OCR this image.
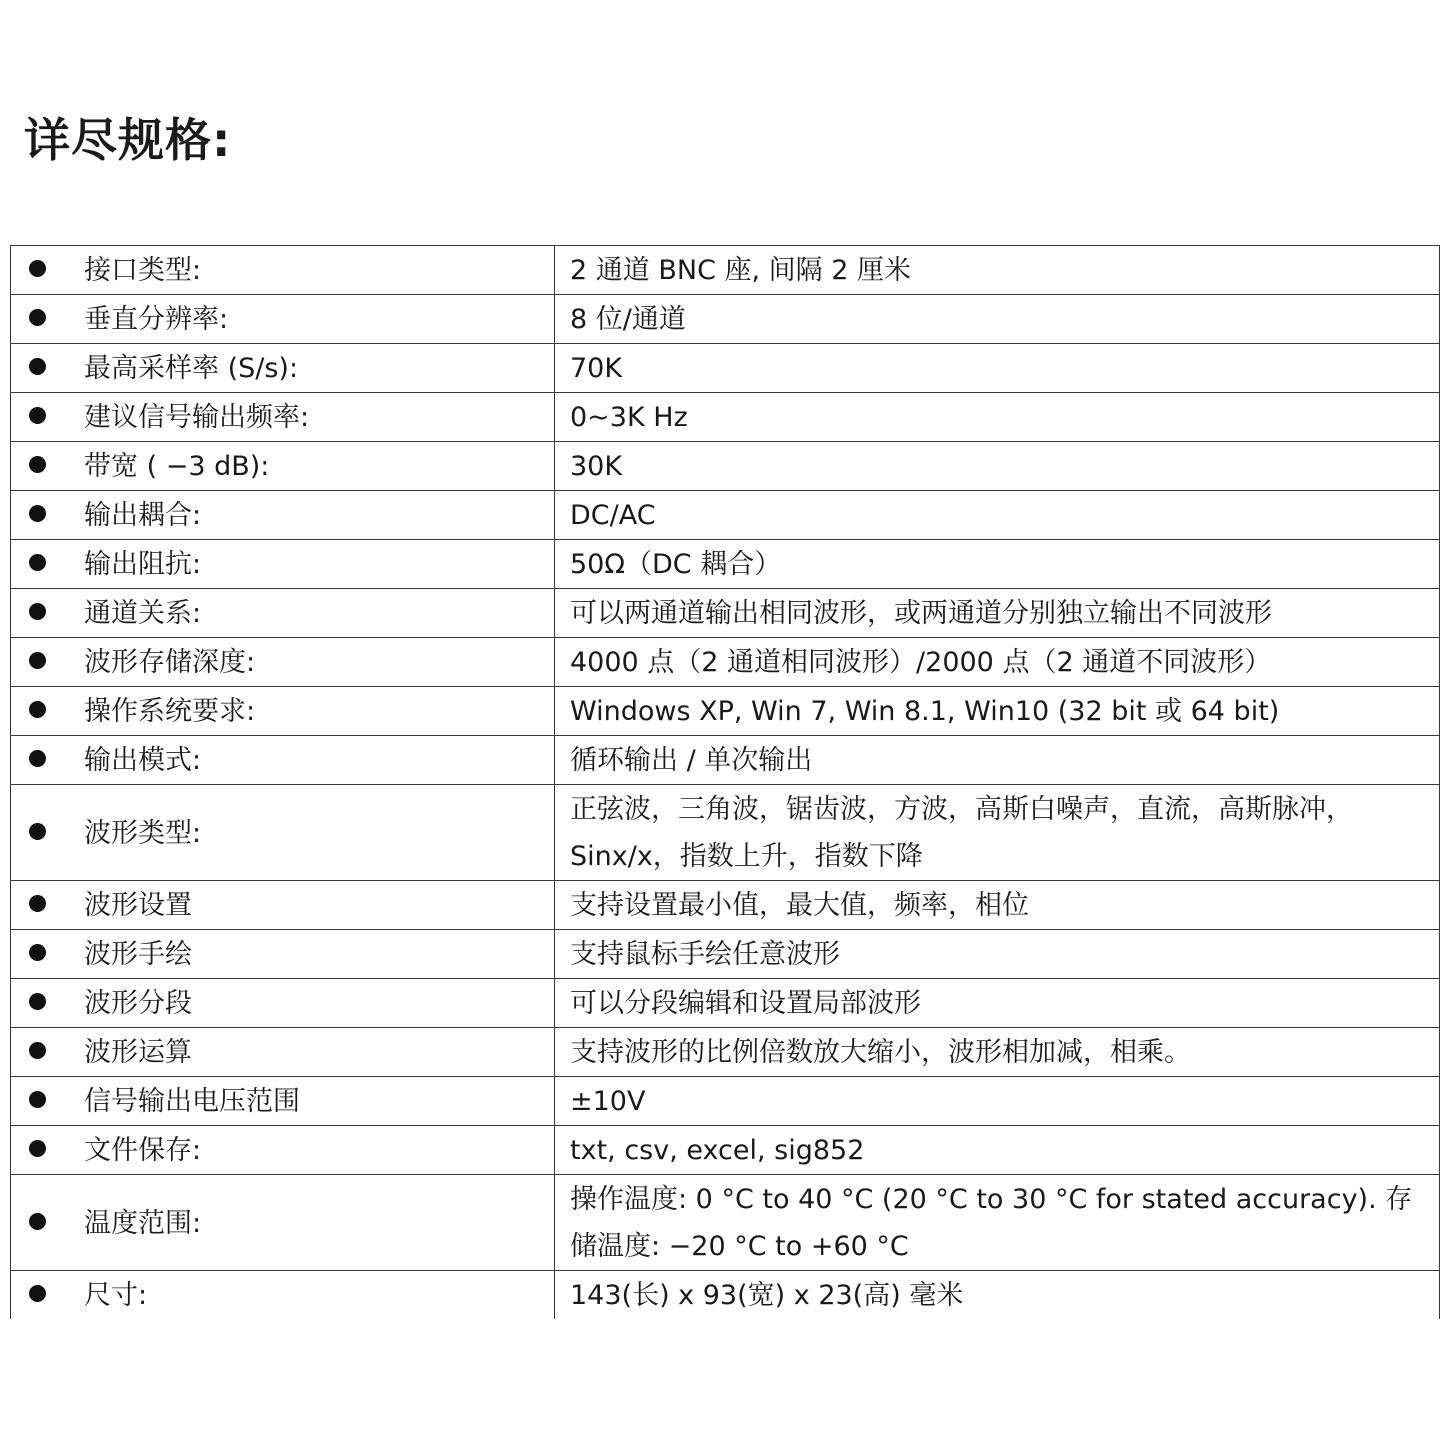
详尽规格:
接口类型:	2 通道 BNC 座, 间隔 2 厘米

垂直分辨率:	8 位/通道

最高采样率 (S/s):	70K

建议信号输出频率:	0~3K Hz

带宽 ( −3 dB):	30K

输出耦合:	DC/AC

输出阻抗:	50Ω（DC 耦合）

通道关系:	可以两通道输出相同波形，或两通道分别独立输出不同波形

波形存储深度:	4000 点（2 通道相同波形）/2000 点（2 通道不同波形）

操作系统要求:	Windows XP, Win 7, Win 8.1, Win10 (32 bit 或 64 bit)

输出模式:	循环输出 / 单次输出

波形类型:	正弦波，三角波，锯齿波，方波，高斯白噪声，直流，高斯脉冲，
Sinx/x，指数上升，指数下降

波形设置	支持设置最小值，最大值，频率，相位

波形手绘	支持鼠标手绘任意波形

波形分段	可以分段编辑和设置局部波形

波形运算	支持波形的比例倍数放大缩小，波形相加减，相乘。

信号输出电压范围	±10V

文件保存:	txt, csv, excel, sig852

温度范围:	操作温度: 0 °C to 40 °C (20 °C to 30 °C for stated accuracy). 存
储温度: −20 °C to +60 °C

尺寸:	143(长) x 93(宽) x 23(高) 毫米
